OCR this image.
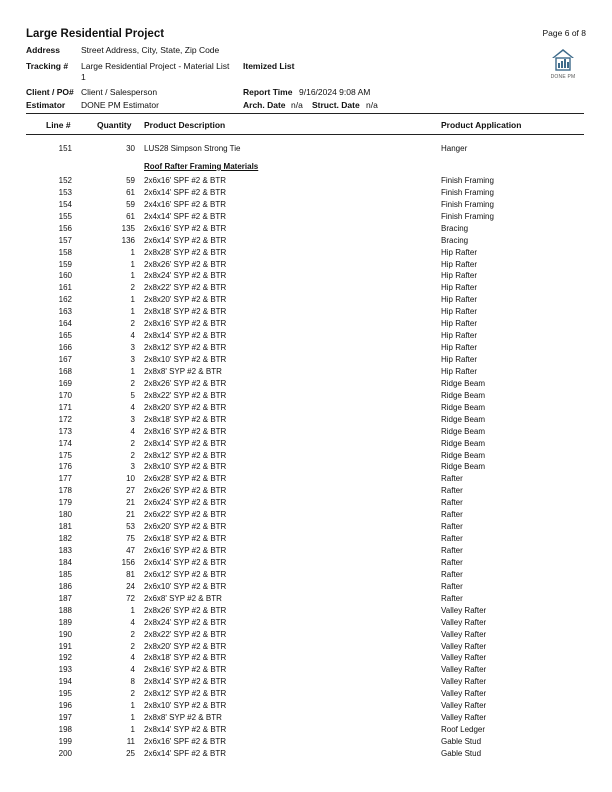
Large Residential Project	Page 6 of 8
DONE PM
Address Street Address, City, State, Zip Code
Tracking # Large Residential Project - Material List
1
Itemized List
Client / PO# Client / Salesperson	Report Time 9/16/2024 9:08 AM
Estimator DONE PM Estimator	Arch. Date n/a Struct. Date n/a
Line #	Quantity Product Description	Product Application
151	30 LUS28 Simpson Strong Tie	Hanger
Roof Rafter Framing Materials
152	59 2x6x16' SPF #2 & BTR	Finish Framing
153	61 2x6x14' SPF #2 & BTR	Finish Framing
154	59 2x4x16' SPF #2 & BTR	Finish Framing
155	61 2x4x14' SPF #2 & BTR	Finish Framing
156	135 2x6x16' SYP #2 & BTR	Bracing
157	136 2x6x14' SYP #2 & BTR	Bracing
158	1 2x8x28' SYP #2 & BTR	Hip Rafter
159	1 2x8x26' SYP #2 & BTR	Hip Rafter
160	1 2x8x24' SYP #2 & BTR	Hip Rafter
161	2 2x8x22' SYP #2 & BTR	Hip Rafter
162	1 2x8x20' SYP #2 & BTR	Hip Rafter
163	1 2x8x18' SYP #2 & BTR	Hip Rafter
164	2 2x8x16' SYP #2 & BTR	Hip Rafter
165	4 2x8x14' SYP #2 & BTR	Hip Rafter
166	3 2x8x12' SYP #2 & BTR	Hip Rafter
167	3 2x8x10' SYP #2 & BTR	Hip Rafter
168	1 2x8x8' SYP #2 & BTR	Hip Rafter
169	2 2x8x26' SYP #2 & BTR	Ridge Beam
170	5 2x8x22' SYP #2 & BTR	Ridge Beam
171	4 2x8x20' SYP #2 & BTR	Ridge Beam
172	3 2x8x18' SYP #2 & BTR	Ridge Beam
173	4 2x8x16' SYP #2 & BTR	Ridge Beam
174	2 2x8x14' SYP #2 & BTR	Ridge Beam
175	2 2x8x12' SYP #2 & BTR	Ridge Beam
176	3 2x8x10' SYP #2 & BTR	Ridge Beam
177	10 2x6x28' SYP #2 & BTR	Rafter
178	27 2x6x26' SYP #2 & BTR	Rafter
179	21 2x6x24' SYP #2 & BTR	Rafter
180	21 2x6x22' SYP #2 & BTR	Rafter
181	53 2x6x20' SYP #2 & BTR	Rafter
182	75 2x6x18' SYP #2 & BTR	Rafter
183	47 2x6x16' SYP #2 & BTR	Rafter
184	156 2x6x14' SYP #2 & BTR	Rafter
185	81 2x6x12' SYP #2 & BTR	Rafter
186	24 2x6x10' SYP #2 & BTR	Rafter
187	72 2x6x8' SYP #2 & BTR	Rafter
188	1 2x8x26' SYP #2 & BTR	Valley Rafter
189	4 2x8x24' SYP #2 & BTR	Valley Rafter
190	2 2x8x22' SYP #2 & BTR	Valley Rafter
191	2 2x8x20' SYP #2 & BTR	Valley Rafter
192	4 2x8x18' SYP #2 & BTR	Valley Rafter
193	4 2x8x16' SYP #2 & BTR	Valley Rafter
194	8 2x8x14' SYP #2 & BTR	Valley Rafter
195	2 2x8x12' SYP #2 & BTR	Valley Rafter
196	1 2x8x10' SYP #2 & BTR	Valley Rafter
197	1 2x8x8' SYP #2 & BTR	Valley Rafter
198	1 2x8x14' SYP #2 & BTR	Roof Ledger
199	11 2x6x16' SPF #2 & BTR	Gable Stud
200	25 2x6x14' SPF #2 & BTR	Gable Stud
